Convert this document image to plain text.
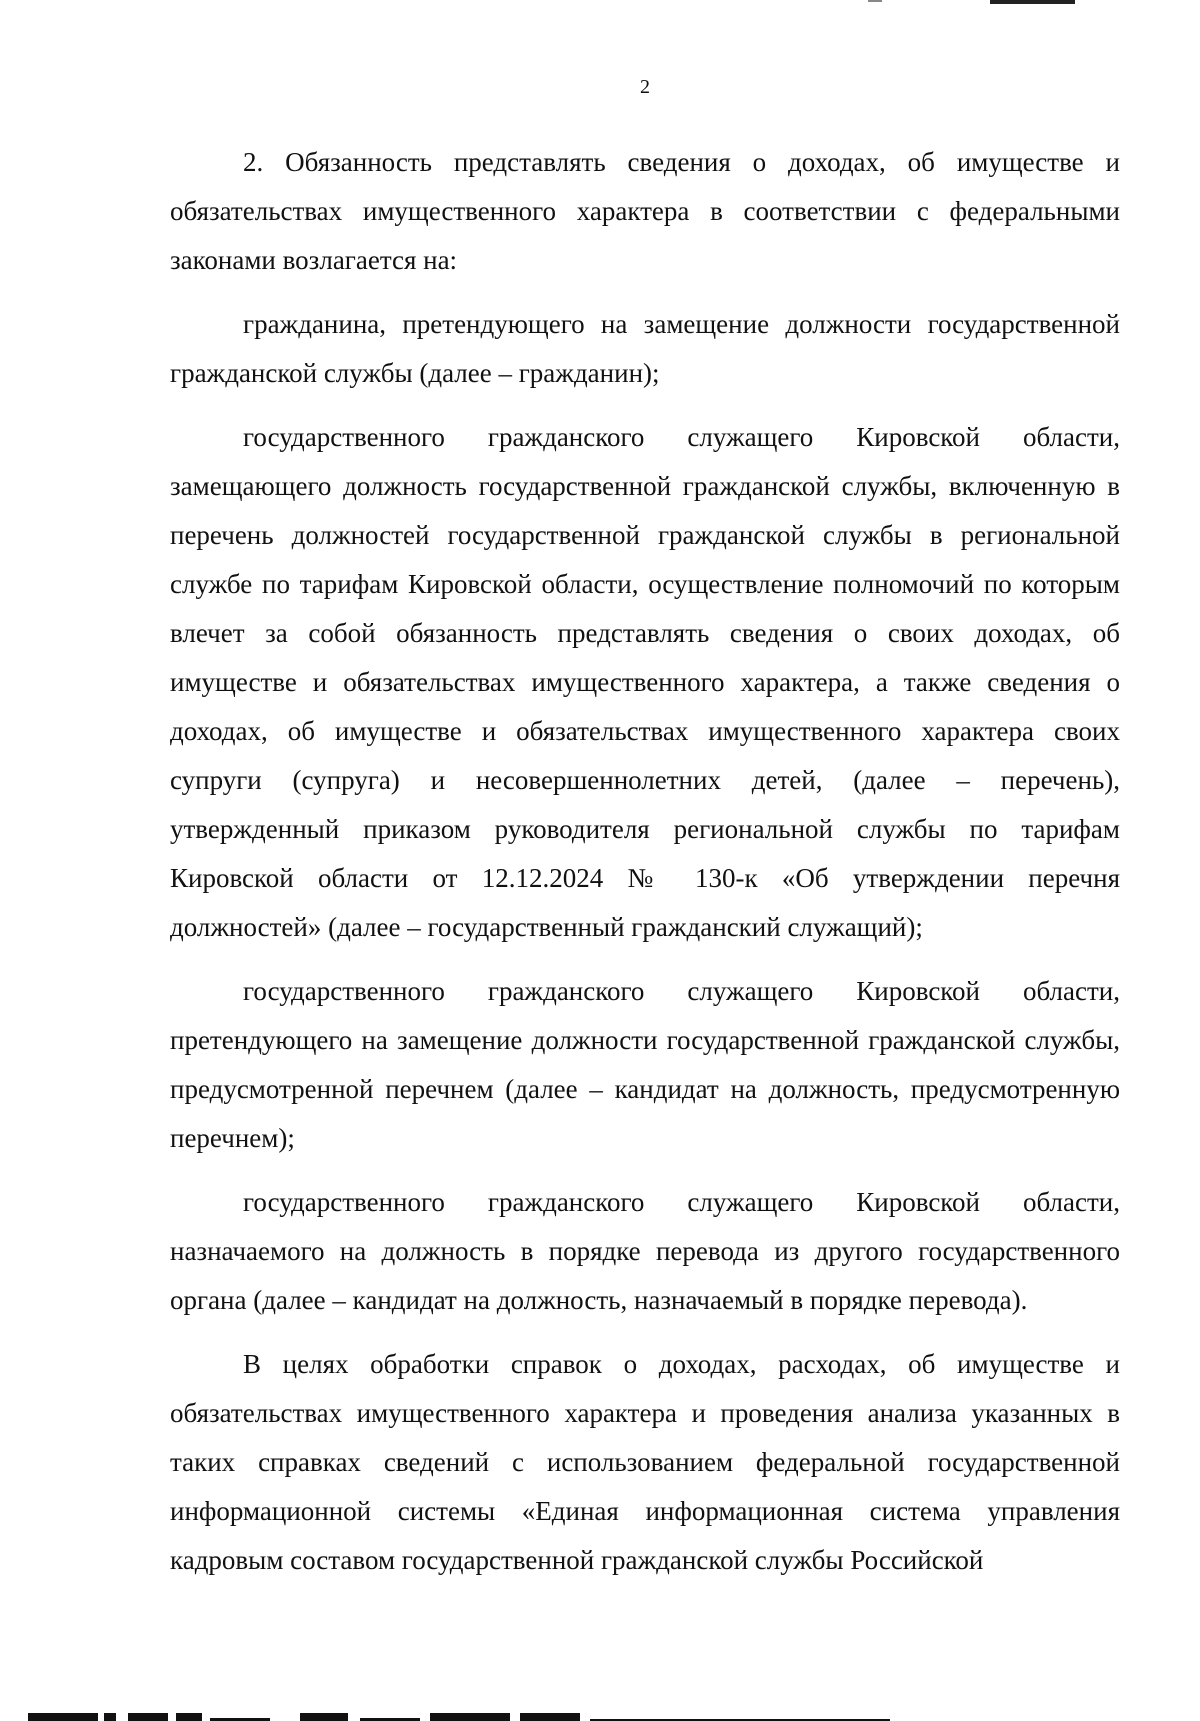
2

2. Обязанность представлять сведения о доходах, об имуществе и обязательствах имущественного характера в соответствии с федеральными законами возлагается на:

гражданина, претендующего на замещение должности государственной гражданской службы (далее – гражданин);

государственного гражданского служащего Кировской области, замещающего должность государственной гражданской службы, включенную в перечень должностей государственной гражданской службы в региональной службе по тарифам Кировской области, осуществление полномочий по которым влечет за собой обязанность представлять сведения о своих доходах, об имуществе и обязательствах имущественного характера, а также сведения о доходах, об имуществе и обязательствах имущественного характера своих супруги (супруга) и несовершеннолетних детей, (далее – перечень), утвержденный приказом руководителя региональной службы по тарифам Кировской области от 12.12.2024 № 130-к «Об утверждении перечня должностей» (далее – государственный гражданский служащий);

государственного гражданского служащего Кировской области, претендующего на замещение должности государственной гражданской службы, предусмотренной перечнем (далее – кандидат на должность, предусмотренную перечнем);

государственного гражданского служащего Кировской области, назначаемого на должность в порядке перевода из другого государственного органа (далее – кандидат на должность, назначаемый в порядке перевода).

В целях обработки справок о доходах, расходах, об имуществе и обязательствах имущественного характера и проведения анализа указанных в таких справках сведений с использованием федеральной государственной информационной системы «Единая информационная система управления кадровым составом государственной гражданской службы Российской
